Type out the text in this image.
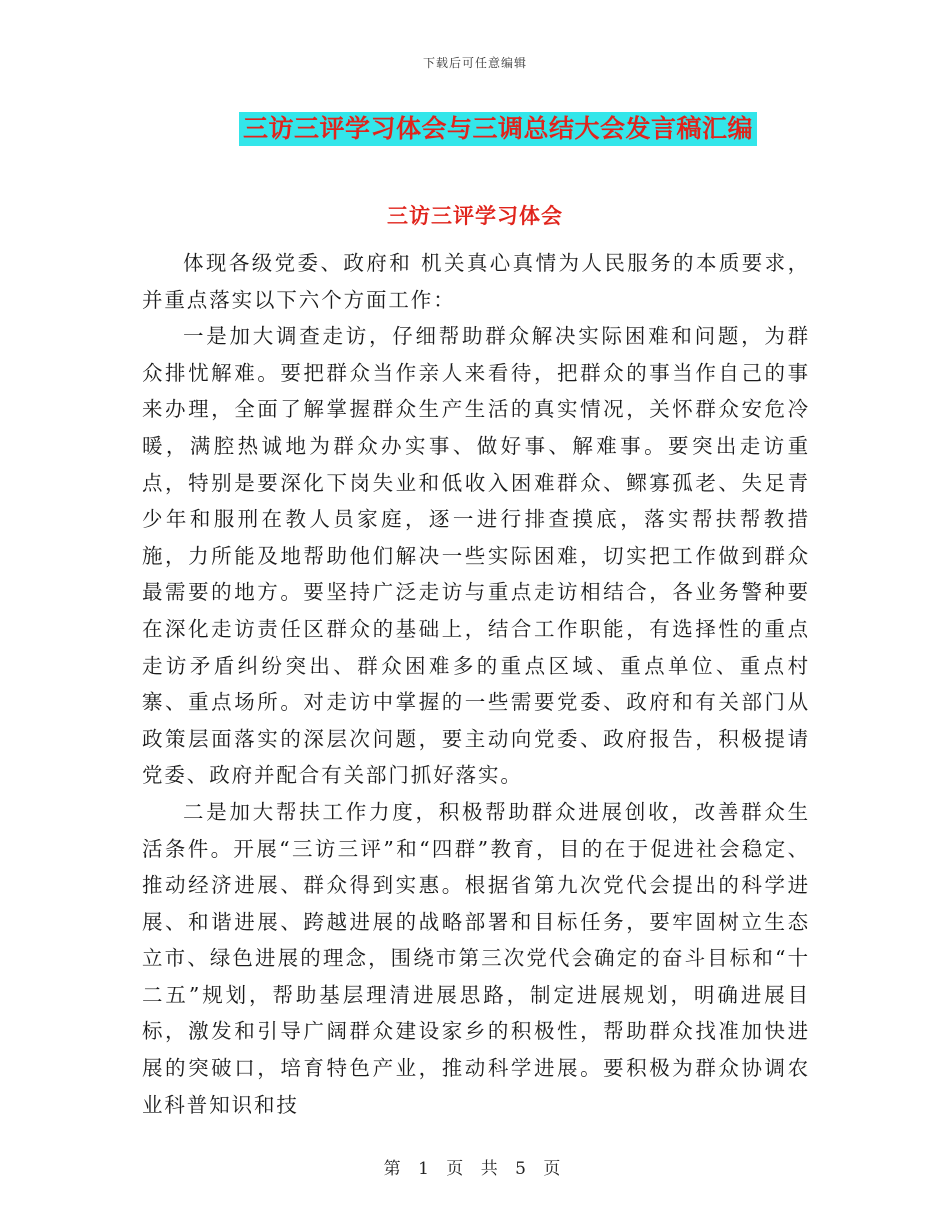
下载后可任意编辑
三访三评学习体会与三调总结大会发言稿汇编
三访三评学习体会

体现各级党委、政府和 机关真心真情为人民服务的本质要求，并重点落实以下六个方面工作：

一是加大调查走访，仔细帮助群众解决实际困难和问题，为群众排忧解难。要把群众当作亲人来看待，把群众的事当作自己的事来办理，全面了解掌握群众生产生活的真实情况，关怀群众安危冷暖，满腔热诚地为群众办实事、做好事、解难事。要突出走访重点，特别是要深化下岗失业和低收入困难群众、鳏寡孤老、失足青少年和服刑在教人员家庭，逐一进行排查摸底，落实帮扶帮教措施，力所能及地帮助他们解决一些实际困难，切实把工作做到群众最需要的地方。要坚持广泛走访与重点走访相结合，各业务警种要在深化走访责任区群众的基础上，结合工作职能，有选择性的重点走访矛盾纠纷突出、群众困难多的重点区域、重点单位、重点村寨、重点场所。对走访中掌握的一些需要党委、政府和有关部门从政策层面落实的深层次问题，要主动向党委、政府报告，积极提请党委、政府并配合有关部门抓好落实。

二是加大帮扶工作力度，积极帮助群众进展创收，改善群众生活条件。开展“三访三评”和“四群”教育，目的在于促进社会稳定、推动经济进展、群众得到实惠。根据省第九次党代会提出的科学进展、和谐进展、跨越进展的战略部署和目标任务，要牢固树立生态立市、绿色进展的理念，围绕市第三次党代会确定的奋斗目标和“十二五”规划，帮助基层理清进展思路，制定进展规划，明确进展目标，激发和引导广阔群众建设家乡的积极性，帮助群众找准加快进展的突破口，培育特色产业，推动科学进展。要积极为群众协调农业科普知识和技

第 1 页 共 5 页
